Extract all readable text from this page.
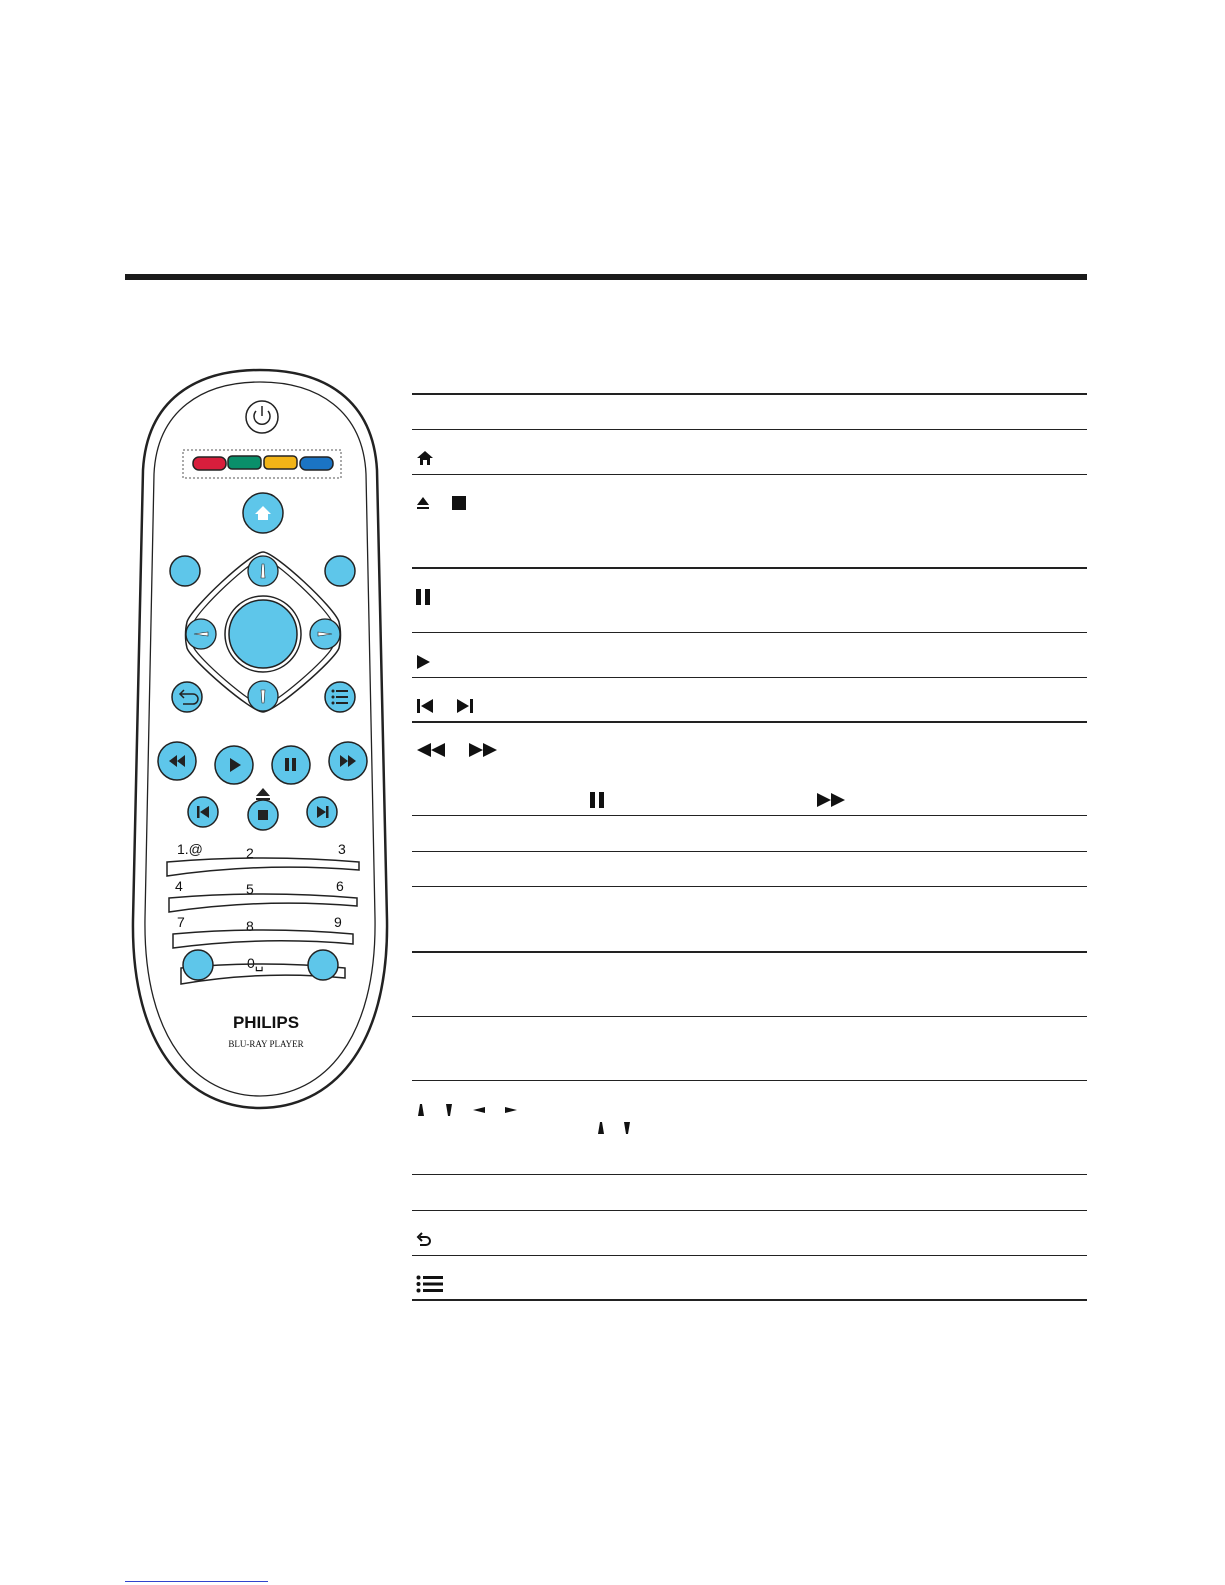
1.@	2	3
4	5	6
7	8	9
0␣
PHILIPS
BLU-RAY PLAYER
